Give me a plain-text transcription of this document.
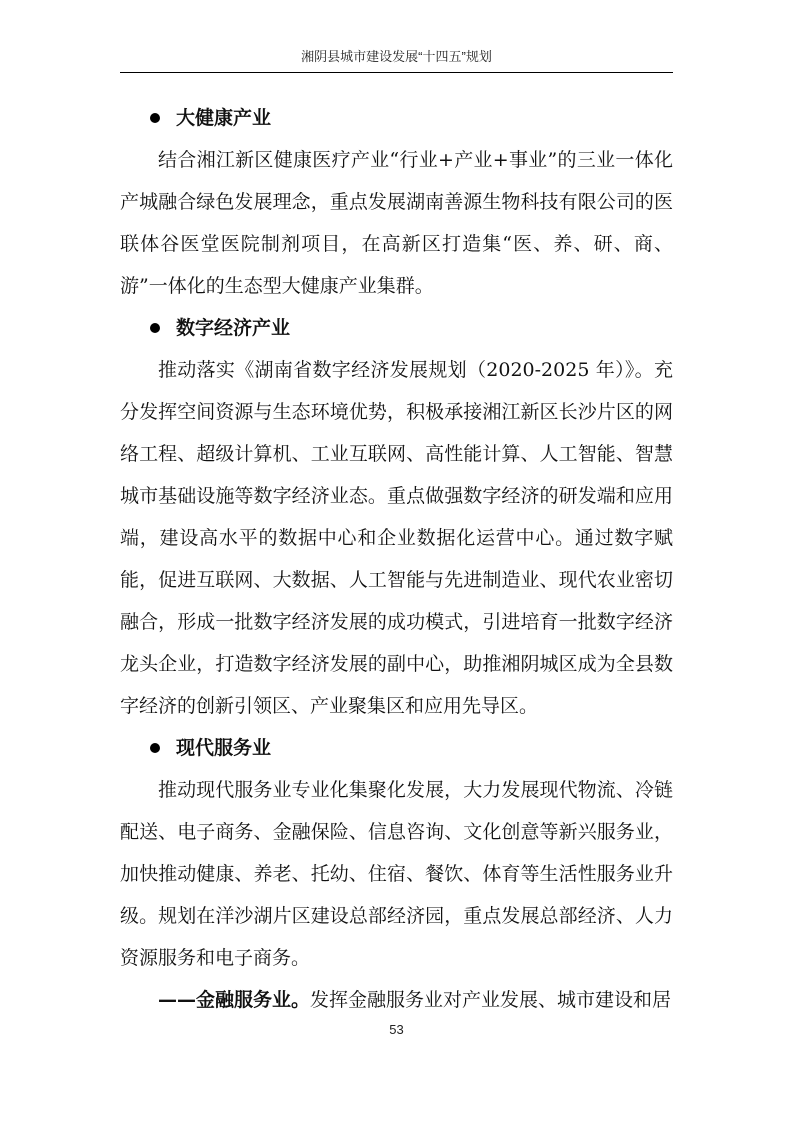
湘阴县城市建设发展“十四五”规划
大健康产业

结合湘江新区健康医疗产业“行业+产业+事业”的三业一体化产城融合绿色发展理念，重点发展湖南善源生物科技有限公司的医联体谷医堂医院制剂项目，在高新区打造集“医、养、研、商、游”一体化的生态型大健康产业集群。

数字经济产业

推动落实《湖南省数字经济发展规划（2020-2025 年）》。充分发挥空间资源与生态环境优势，积极承接湘江新区长沙片区的网络工程、超级计算机、工业互联网、高性能计算、人工智能、智慧城市基础设施等数字经济业态。重点做强数字经济的研发端和应用端，建设高水平的数据中心和企业数据化运营中心。通过数字赋能，促进互联网、大数据、人工智能与先进制造业、现代农业密切融合，形成一批数字经济发展的成功模式，引进培育一批数字经济龙头企业，打造数字经济发展的副中心，助推湘阴城区成为全县数字经济的创新引领区、产业聚集区和应用先导区。

现代服务业

推动现代服务业专业化集聚化发展，大力发展现代物流、冷链配送、电子商务、金融保险、信息咨询、文化创意等新兴服务业，加快推动健康、养老、托幼、住宿、餐饮、体育等生活性服务业升级。规划在洋沙湖片区建设总部经济园，重点发展总部经济、人力资源服务和电子商务。

——金融服务业。发挥金融服务业对产业发展、城市建设和居

53
